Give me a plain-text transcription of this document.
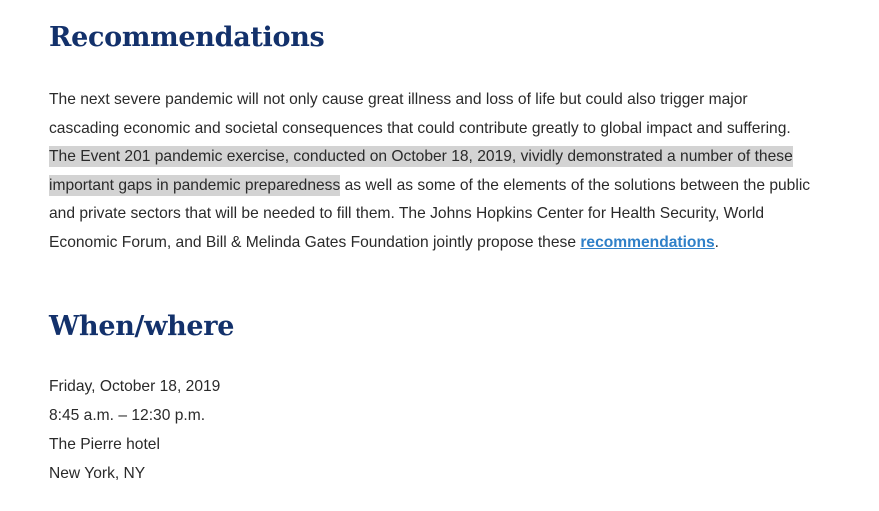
Recommendations

The next severe pandemic will not only cause great illness and loss of life but could also trigger major cascading economic and societal consequences that could contribute greatly to global impact and suffering. The Event 201 pandemic exercise, conducted on October 18, 2019, vividly demonstrated a number of these important gaps in pandemic preparedness as well as some of the elements of the solutions between the public and private sectors that will be needed to fill them. The Johns Hopkins Center for Health Security, World Economic Forum, and Bill & Melinda Gates Foundation jointly propose these recommendations.

When/where
Friday, October 18, 2019
8:45 a.m. – 12:30 p.m.
The Pierre hotel
New York, NY
